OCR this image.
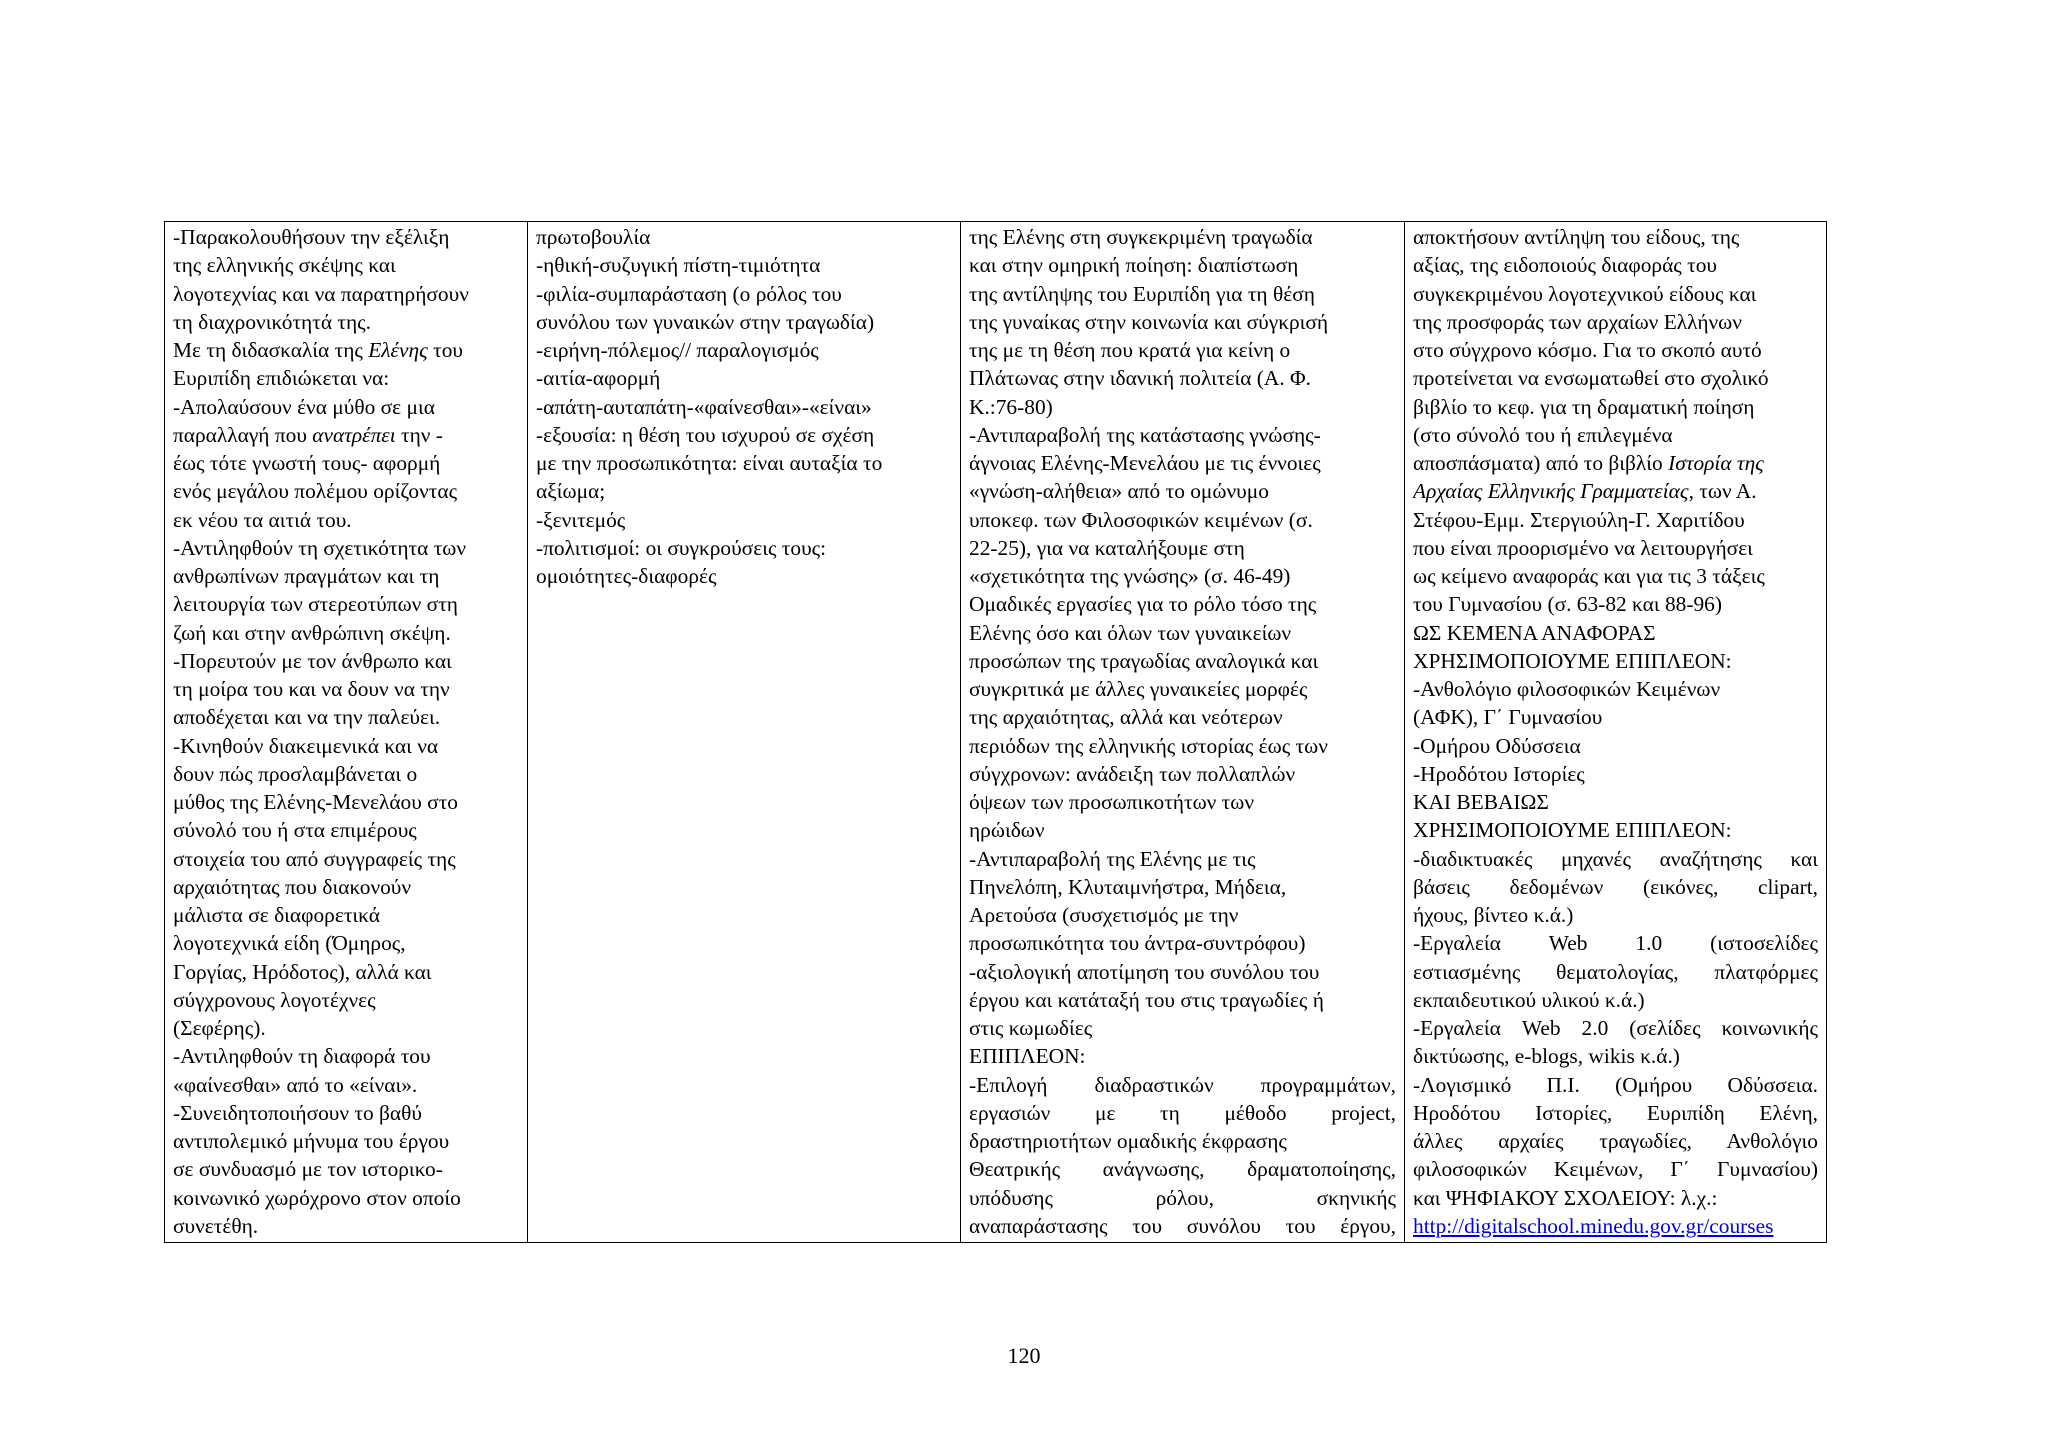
-Παρακολουθήσουν την εξέλιξη
της ελληνικής σκέψης και
λογοτεχνίας και να παρατηρήσουν
τη διαχρονικότητά της.
Με τη διδασκαλία της Ελένης του
Ευριπίδη επιδιώκεται να:
-Απολαύσουν ένα μύθο σε μια
παραλλαγή που ανατρέπει την -
έως τότε γνωστή τους- αφορμή
ενός μεγάλου πολέμου ορίζοντας
εκ νέου τα αιτιά του.
-Αντιληφθούν τη σχετικότητα των
ανθρωπίνων πραγμάτων και τη
λειτουργία των στερεοτύπων στη
ζωή και στην ανθρώπινη σκέψη.
-Πορευτούν με τον άνθρωπο και
τη μοίρα του και να δουν να την
αποδέχεται και να την παλεύει.
-Κινηθούν διακειμενικά και να
δουν πώς προσλαμβάνεται ο
μύθος της Ελένης-Μενελάου στο
σύνολό του ή στα επιμέρους
στοιχεία του από συγγραφείς της
αρχαιότητας που διακονούν
μάλιστα σε διαφορετικά
λογοτεχνικά είδη (Όμηρος,
Γοργίας, Ηρόδοτος), αλλά και
σύγχρονους λογοτέχνες
(Σεφέρης).
-Αντιληφθούν τη διαφορά του
«φαίνεσθαι» από το «είναι».
-Συνειδητοποιήσουν το βαθύ
αντιπολεμικό μήνυμα του έργου
σε συνδυασμό με τον ιστορικο-
κοινωνικό χωρόχρονο στον οποίο
συνετέθη.

πρωτοβουλία
-ηθική-συζυγική πίστη-τιμιότητα
-φιλία-συμπαράσταση (ο ρόλος του
συνόλου των γυναικών στην τραγωδία)
-ειρήνη-πόλεμος// παραλογισμός
-αιτία-αφορμή
-απάτη-αυταπάτη-«φαίνεσθαι»-«είναι»
-εξουσία: η θέση του ισχυρού σε σχέση
με την προσωπικότητα: είναι αυταξία το
αξίωμα;
-ξενιτεμός
-πολιτισμοί: οι συγκρούσεις τους:
ομοιότητες-διαφορές

της Ελένης στη συγκεκριμένη τραγωδία
και στην ομηρική ποίηση: διαπίστωση
της αντίληψης του Ευριπίδη για τη θέση
της γυναίκας στην κοινωνία και σύγκρισή
της με τη θέση που κρατά για κείνη ο
Πλάτωνας στην ιδανική πολιτεία (Α. Φ.
Κ.:76-80)
-Αντιπαραβολή της κατάστασης γνώσης-
άγνοιας Ελένης-Μενελάου με τις έννοιες
«γνώση-αλήθεια» από το ομώνυμο
υποκεφ. των Φιλοσοφικών κειμένων (σ.
22-25), για να καταλήξουμε στη
«σχετικότητα της γνώσης» (σ. 46-49)
Ομαδικές εργασίες για το ρόλο τόσο της
Ελένης όσο και όλων των γυναικείων
προσώπων της τραγωδίας αναλογικά και
συγκριτικά με άλλες γυναικείες μορφές
της αρχαιότητας, αλλά και νεότερων
περιόδων της ελληνικής ιστορίας έως των
σύγχρονων: ανάδειξη των πολλαπλών
όψεων των προσωπικοτήτων των
ηρώιδων
-Αντιπαραβολή της Ελένης με τις
Πηνελόπη, Κλυταιμνήστρα, Μήδεια,
Αρετούσα (συσχετισμός με την
προσωπικότητα του άντρα-συντρόφου)
-αξιολογική αποτίμηση του συνόλου του
έργου και κατάταξή του στις τραγωδίες ή
στις κωμωδίες
ΕΠΙΠΛΕΟΝ:
-Επιλογή διαδραστικών προγραμμάτων,
εργασιών με τη μέθοδο project,
δραστηριοτήτων ομαδικής έκφρασης
Θεατρικής ανάγνωσης, δραματοποίησης,
υπόδυσης ρόλου, σκηνικής
αναπαράστασης του συνόλου του έργου,

αποκτήσουν αντίληψη του είδους, της
αξίας, της ειδοποιούς διαφοράς του
συγκεκριμένου λογοτεχνικού είδους και
της προσφοράς των αρχαίων Ελλήνων
στο σύγχρονο κόσμο. Για το σκοπό αυτό
προτείνεται να ενσωματωθεί στο σχολικό
βιβλίο το κεφ. για τη δραματική ποίηση
(στο σύνολό του ή επιλεγμένα
αποσπάσματα) από το βιβλίο Ιστορία της
Αρχαίας Ελληνικής Γραμματείας, των Α.
Στέφου-Εμμ. Στεργιούλη-Γ. Χαριτίδου
που είναι προορισμένο να λειτουργήσει
ως κείμενο αναφοράς και για τις 3 τάξεις
του Γυμνασίου (σ. 63-82 και 88-96)
ΩΣ ΚΕΜΕΝΑ ΑΝΑΦΟΡΑΣ
ΧΡΗΣΙΜΟΠΟΙΟΥΜΕ ΕΠΙΠΛΕΟΝ:
-Ανθολόγιο φιλοσοφικών Κειμένων
(ΑΦΚ), Γ΄ Γυμνασίου
-Ομήρου Οδύσσεια
-Ηροδότου Ιστορίες
ΚΑΙ ΒΕΒΑΙΩΣ
ΧΡΗΣΙΜΟΠΟΙΟΥΜΕ ΕΠΙΠΛΕΟΝ:
-διαδικτυακές μηχανές αναζήτησης και
βάσεις δεδομένων (εικόνες, clipart,
ήχους, βίντεο κ.ά.)
-Εργαλεία Web 1.0 (ιστοσελίδες
εστιασμένης θεματολογίας, πλατφόρμες
εκπαιδευτικού υλικού κ.ά.)
-Εργαλεία Web 2.0 (σελίδες κοινωνικής
δικτύωσης, e-blogs, wikis κ.ά.)
-Λογισμικό Π.Ι. (Ομήρου Οδύσσεια.
Ηροδότου Ιστορίες, Ευριπίδη Ελένη,
άλλες αρχαίες τραγωδίες, Ανθολόγιο
φιλοσοφικών Κειμένων, Γ΄ Γυμνασίου)
και ΨΗΦΙΑΚΟΥ ΣΧΟΛΕΙΟΥ: λ.χ.:
http://digitalschool.minedu.gov.gr/courses
120
